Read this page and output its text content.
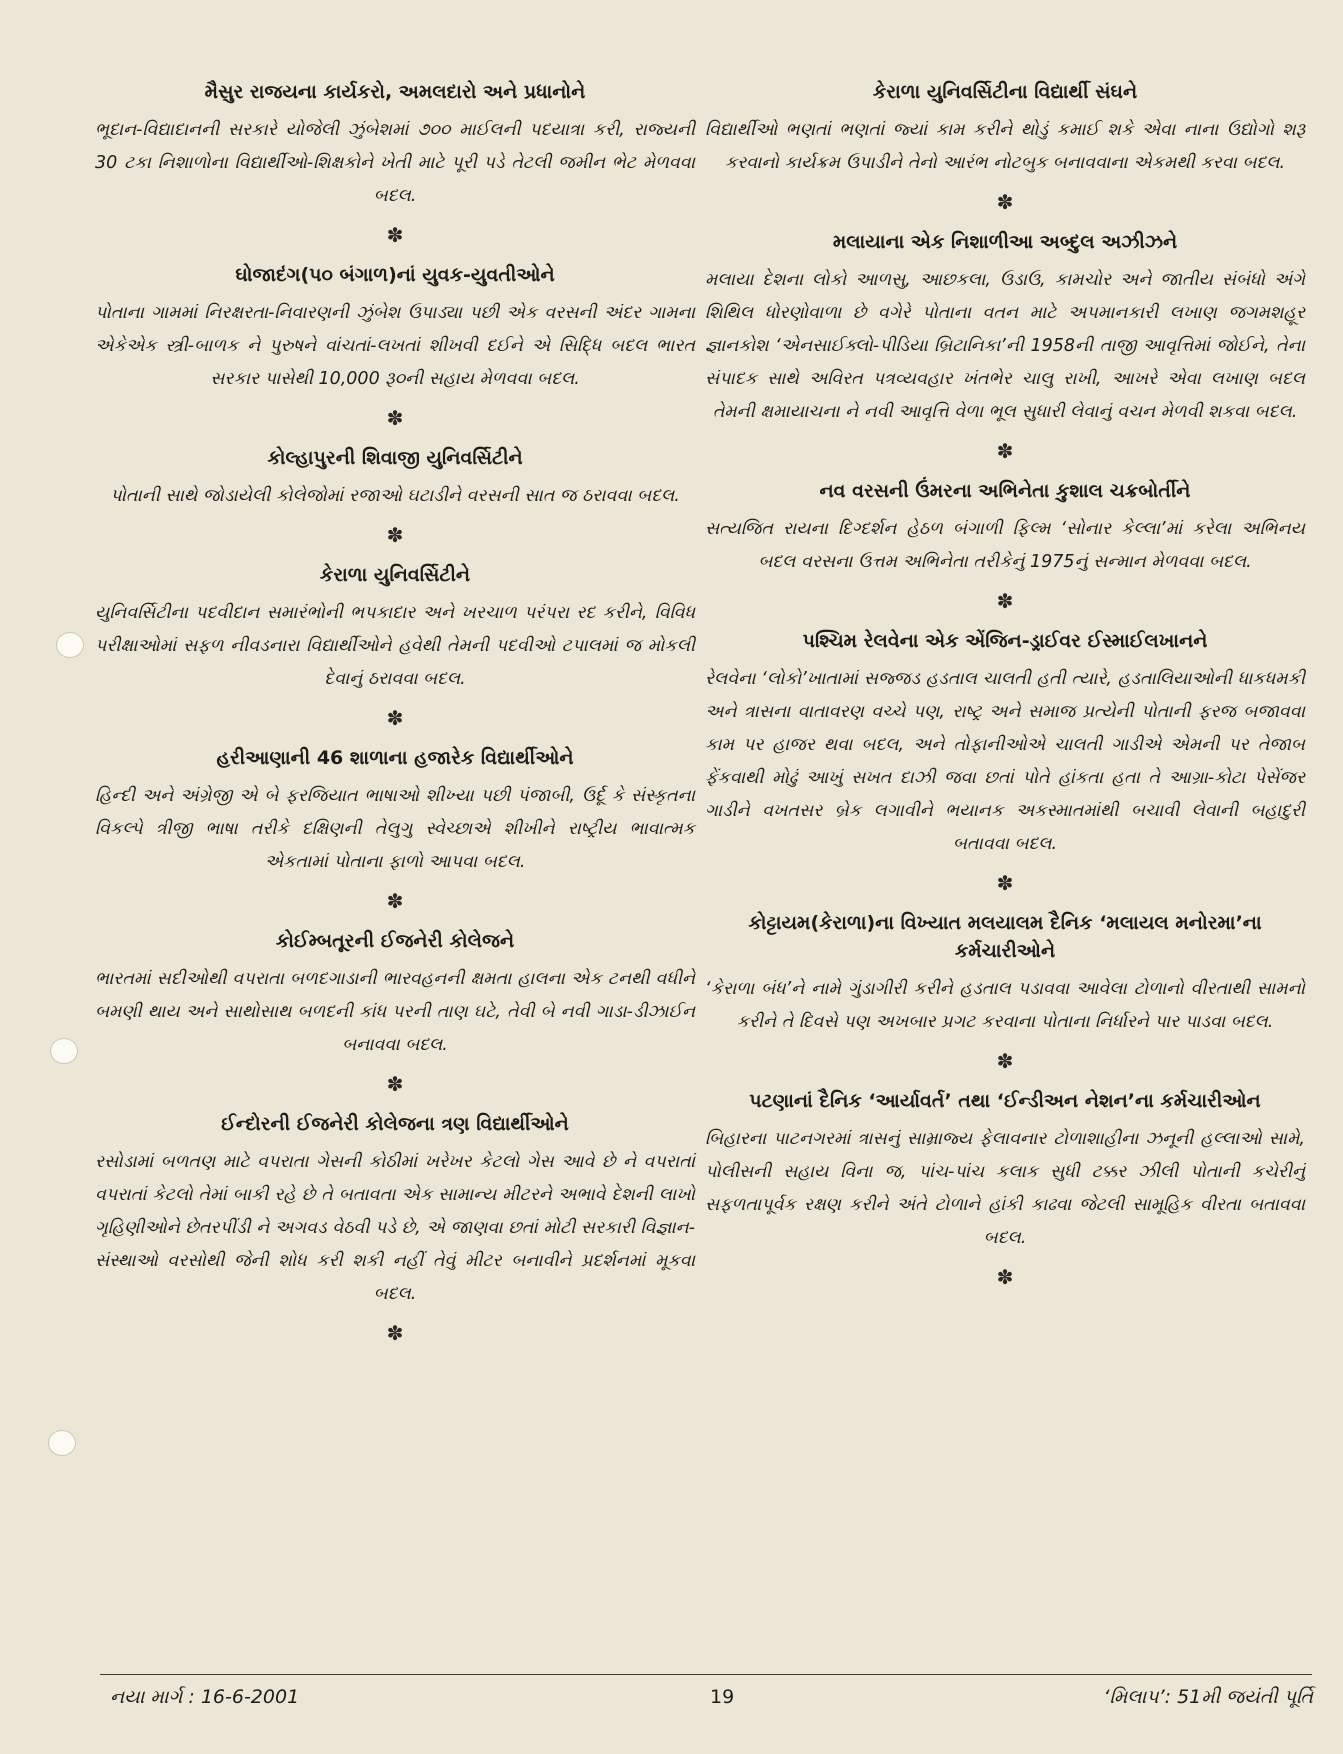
મૈસુર રાજયના કાર્યકરો, અમલદારો અને પ્રધાનોને

ભૂદાન-વિદ્યાદાનની સરકારે યોજેલી ઝુંબેશમાં ૭૦૦ માઈલની પદયાત્રા કરી, રાજ્યની 30 ટકા નિશાળોના વિદ્યાર્થીઓ-શિક્ષકોને ખેતી માટે પૂરી પડે તેટલી જમીન ભેટ મેળવવા બદલ.

✽
ઘોજાદંગ(પ૦ બંગાળ)નાં યુવક-યુવતીઓને

પોતાના ગામમાં નિરક્ષરતા-નિવારણની ઝુંબેશ ઉપાડ્યા પછી એક વરસની અંદર ગામના એકેએક સ્ત્રી-બાળક ને પુરુષને વાંચતાં-લખતાં શીખવી દઈને એ સિદ્ધિ બદલ ભારત સરકાર પાસેથી 10,000 રૂ૦ની સહાય મેળવવા બદલ.

✽
કોલ્હાપુરની શિવાજી યુનિવર્સિટીને

પોતાની સાથે જોડાયેલી કોલેજોમાં રજાઓ ઘટાડીને વરસની સાત જ ઠરાવવા બદલ.

✽
કેરાળા યુનિવર્સિટીને

યુનિવર્સિટીના પદવીદાન સમારંભોની ભપકાદાર અને ખરચાળ પરંપરા રદ કરીને, વિવિધ પરીક્ષાઓમાં સફળ નીવડનારા વિદ્યાર્થીઓને હવેથી તેમની પદવીઓ ટપાલમાં જ મોકલી દેવાનું ઠરાવવા બદલ.

✽
હરીઆણાની 46 શાળાના હજારેક વિદ્યાર્થીઓને

હિન્દી અને અંગ્રેજી એ બે ફરજિયાત ભાષાઓ શીખ્યા પછી પંજાબી, ઉર્દૂ કે સંસ્કૃતના વિકલ્પે ત્રીજી ભાષા તરીકે દક્ષિણની તેલુગુ સ્વેચ્છાએ શીખીને રાષ્ટ્રીય ભાવાત્મક એકતામાં પોતાના ફાળો આપવા બદલ.

✽
કોઈમ્બતૂરની ઈજનેરી કોલેજને

ભારતમાં સદીઓથી વપરાતા બળદગાડાની ભારવહનની ક્ષમતા હાલના એક ટનથી વધીને બમણી થાય અને સાથોસાથ બળદની કાંધ પરની તાણ ઘટે, તેવી બે નવી ગાડા-ડીઝાઈન બનાવવા બદલ.

✽
ઈન્દોરની ઈજનેરી કોલેજના ત્રણ વિદ્યાર્થીઓને

રસોડામાં બળતણ માટે વપરાતા ગેસની કોઠીમાં ખરેખર કેટલો ગેસ આવે છે ને વપરાતાં વપરાતાં કેટલો તેમાં બાકી રહે છે તે બતાવતા એક સામાન્ય મીટરને અભાવે દેશની લાખો ગૃહિણીઓને છેતરપીંડી ને અગવડ વેઠવી પડે છે, એ જાણવા છતાં મોટી સરકારી વિજ્ઞાન-સંસ્થાઓ વરસોથી જેની શોધ કરી શકી નહીં તેવું મીટર બનાવીને પ્રદર્શનમાં મૂકવા બદલ.

✽
કેરાળા યુનિવર્સિટીના વિદ્યાર્થી સંઘને

વિદ્યાર્થીઓ ભણતાં ભણતાં જ્યાં કામ કરીને થોડું કમાઈ શકે એવા નાના ઉદ્યોગો શરૂ કરવાનો કાર્યક્રમ ઉપાડીને તેનો આરંભ નોટબુક બનાવવાના એકમથી કરવા બદલ.

✽
મલાયાના એક નિશાળીઆ અબ્દુલ અઝીઝને

મલાયા દેશના લોકો આળસુ, આછકલા, ઉડાઉ, કામચોર અને જાતીય સંબંધો અંગે શિથિલ ધોરણોવાળા છે વગેરે પોતાના વતન માટે અપમાનકારી લખાણ જગમશહૂર જ્ઞાનકોશ ‘એનસાઈક્લો-પીડિયા બ્રિટાનિકા’ની 1958ની તાજી આવૃત્તિમાં જોઈને, તેના સંપાદક સાથે અવિરત પત્રવ્યવહાર ખંતભેર ચાલુ રાખી, આખરે એવા લખાણ બદલ તેમની ક્ષમાયાચના ને નવી આવૃત્તિ વેળા ભૂલ સુધારી લેવાનું વચન મેળવી શકવા બદલ.

✽
નવ વરસની ઉંમરના અભિનેતા કુશાલ ચક્રબોર્તીને

સત્યજિત રાયના દિગ્દર્શન હેઠળ બંગાળી ફિલ્મ ‘સોનાર કેલ્લા’માં કરેલા અભિનય બદલ વરસના ઉત્તમ અભિનેતા તરીકેનું 1975નું સન્માન મેળવવા બદલ.

✽
પશ્ચિમ રેલવેના એક એંજિન-ડ્રાઈવર ઈસ્માઈલખાનને

રેલવેના ‘લોકો’ખાતામાં સજ્જડ હડતાલ ચાલતી હતી ત્યારે, હડતાલિયાઓની ધાકધમકી અને ત્રાસના વાતાવરણ વચ્ચે પણ, રાષ્ટ્ર અને સમાજ પ્રત્યેની પોતાની ફરજ બજાવવા કામ પર હાજર થવા બદલ, અને તોફાનીઓએ ચાલતી ગાડીએ એમની પર તેજાબ ફેંકવાથી મોઢું આખું સખત દાઝી જવા છતાં પોતે હાંકતા હતા તે આગ્રા-કોટા પેસેંજર ગાડીને વખતસર બ્રેક લગાવીને ભયાનક અકસ્માતમાંથી બચાવી લેવાની બહાદુરી બતાવવા બદલ.

✽
કોટ્ટાયમ(કેરાળા)ના વિખ્યાત મલયાલમ દૈનિક ‘મલાયલ મનોરમા’ના કર્મચારીઓને

‘કેરાળા બંધ’ને નામે ગુંડાગીરી કરીને હડતાલ પડાવવા આવેલા ટોળાનો વીરતાથી સામનો કરીને તે દિવસે પણ અખબાર પ્રગટ કરવાના પોતાના નિર્ધારને પાર પાડવા બદલ.

✽
પટણાનાં દૈનિક ‘આર્યાવર્ત’ તથા ‘ઈન્ડીઅન નેશન’ના કર્મચારીઓન

બિહારના પાટનગરમાં ત્રાસનું સામ્રાજ્ય ફેલાવનાર ટોળાશાહીના ઝનૂની હલ્લાઓ સામે, પોલીસની સહાય વિના જ, પાંચ-પાંચ કલાક સુધી ટક્કર ઝીલી પોતાની કચેરીનું સફળતાપૂર્વક રક્ષણ કરીને અંતે ટોળાને હાંકી કાઢવા જેટલી સામૂહિક વીરતા બતાવવા બદલ.

✽
નયા માર્ગ : 16-6-2001	19	‘મિલાપ’: 51મી જયંતી પૂર્તિ
